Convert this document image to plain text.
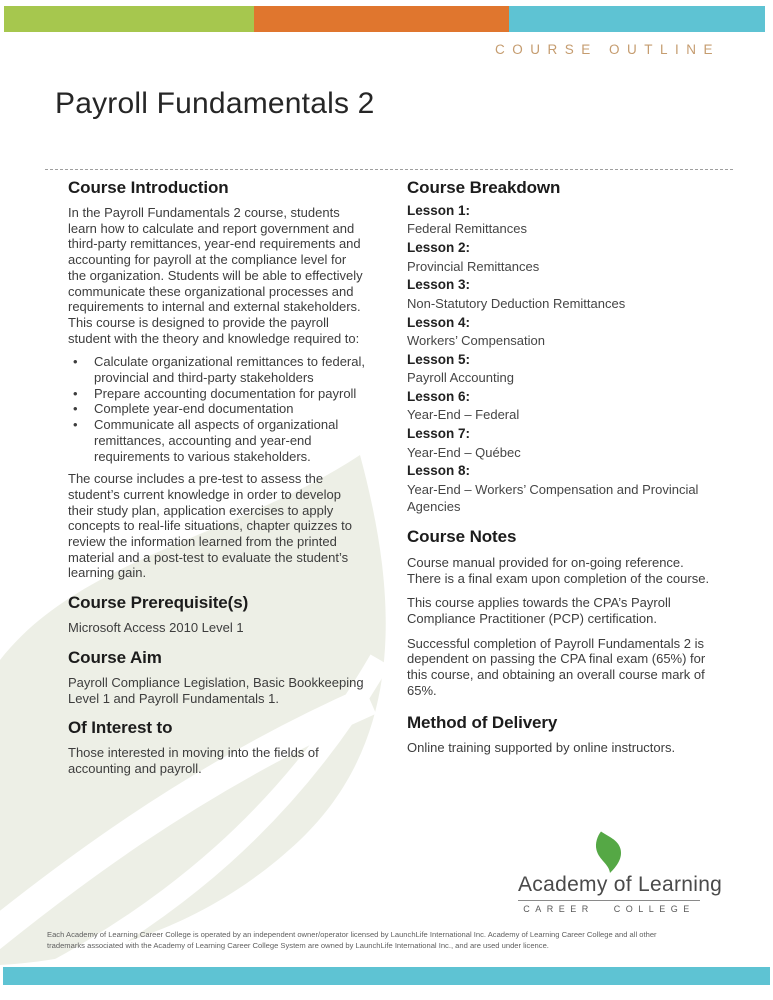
COURSE OUTLINE
Payroll Fundamentals 2
Course Introduction

In the Payroll Fundamentals 2 course, students
learn how to calculate and report government and
third-party remittances, year-end requirements and
accounting for payroll at the compliance level for
the organization. Students will be able to effectively
communicate these organizational processes and
requirements to internal and external stakeholders.
This course is designed to provide the payroll
student with the theory and knowledge required to:

• Calculate organizational remittances to federal,
provincial and third-party stakeholders
• Prepare accounting documentation for payroll
• Complete year-end documentation
• Communicate all aspects of organizational
remittances, accounting and year-end
requirements to various stakeholders.

The course includes a pre-test to assess the
student’s current knowledge in order to develop
their study plan, application exercises to apply
concepts to real-life situations, chapter quizzes to
review the information learned from the printed
material and a post-test to evaluate the student’s
learning gain.

Course Prerequisite(s)

Microsoft Access 2010 Level 1

Course Aim

Payroll Compliance Legislation, Basic Bookkeeping
Level 1 and Payroll Fundamentals 1.

Of Interest to

Those interested in moving into the fields of
accounting and payroll.

Course Breakdown
Lesson 1:
Federal Remittances
Lesson 2:
Provincial Remittances
Lesson 3:
Non-Statutory Deduction Remittances
Lesson 4:
Workers’ Compensation
Lesson 5:
Payroll Accounting
Lesson 6:
Year-End – Federal
Lesson 7:
Year-End – Québec
Lesson 8:
Year-End – Workers’ Compensation and Provincial
Agencies
Course Notes

Course manual provided for on-going reference.
There is a final exam upon completion of the course.

This course applies towards the CPA’s Payroll
Compliance Practitioner (PCP) certification.

Successful completion of Payroll Fundamentals 2 is
dependent on passing the CPA final exam (65%) for
this course, and obtaining an overall course mark of
65%.

Method of Delivery

Online training supported by online instructors.

Academy of Learning
CAREER COLLEGE
Each Academy of Learning Career College is operated by an independent owner/operator licensed by LaunchLife International Inc. Academy of Learning Career College and all other
trademarks associated with the Academy of Learning Career College System are owned by LaunchLife International Inc., and are used under licence.
